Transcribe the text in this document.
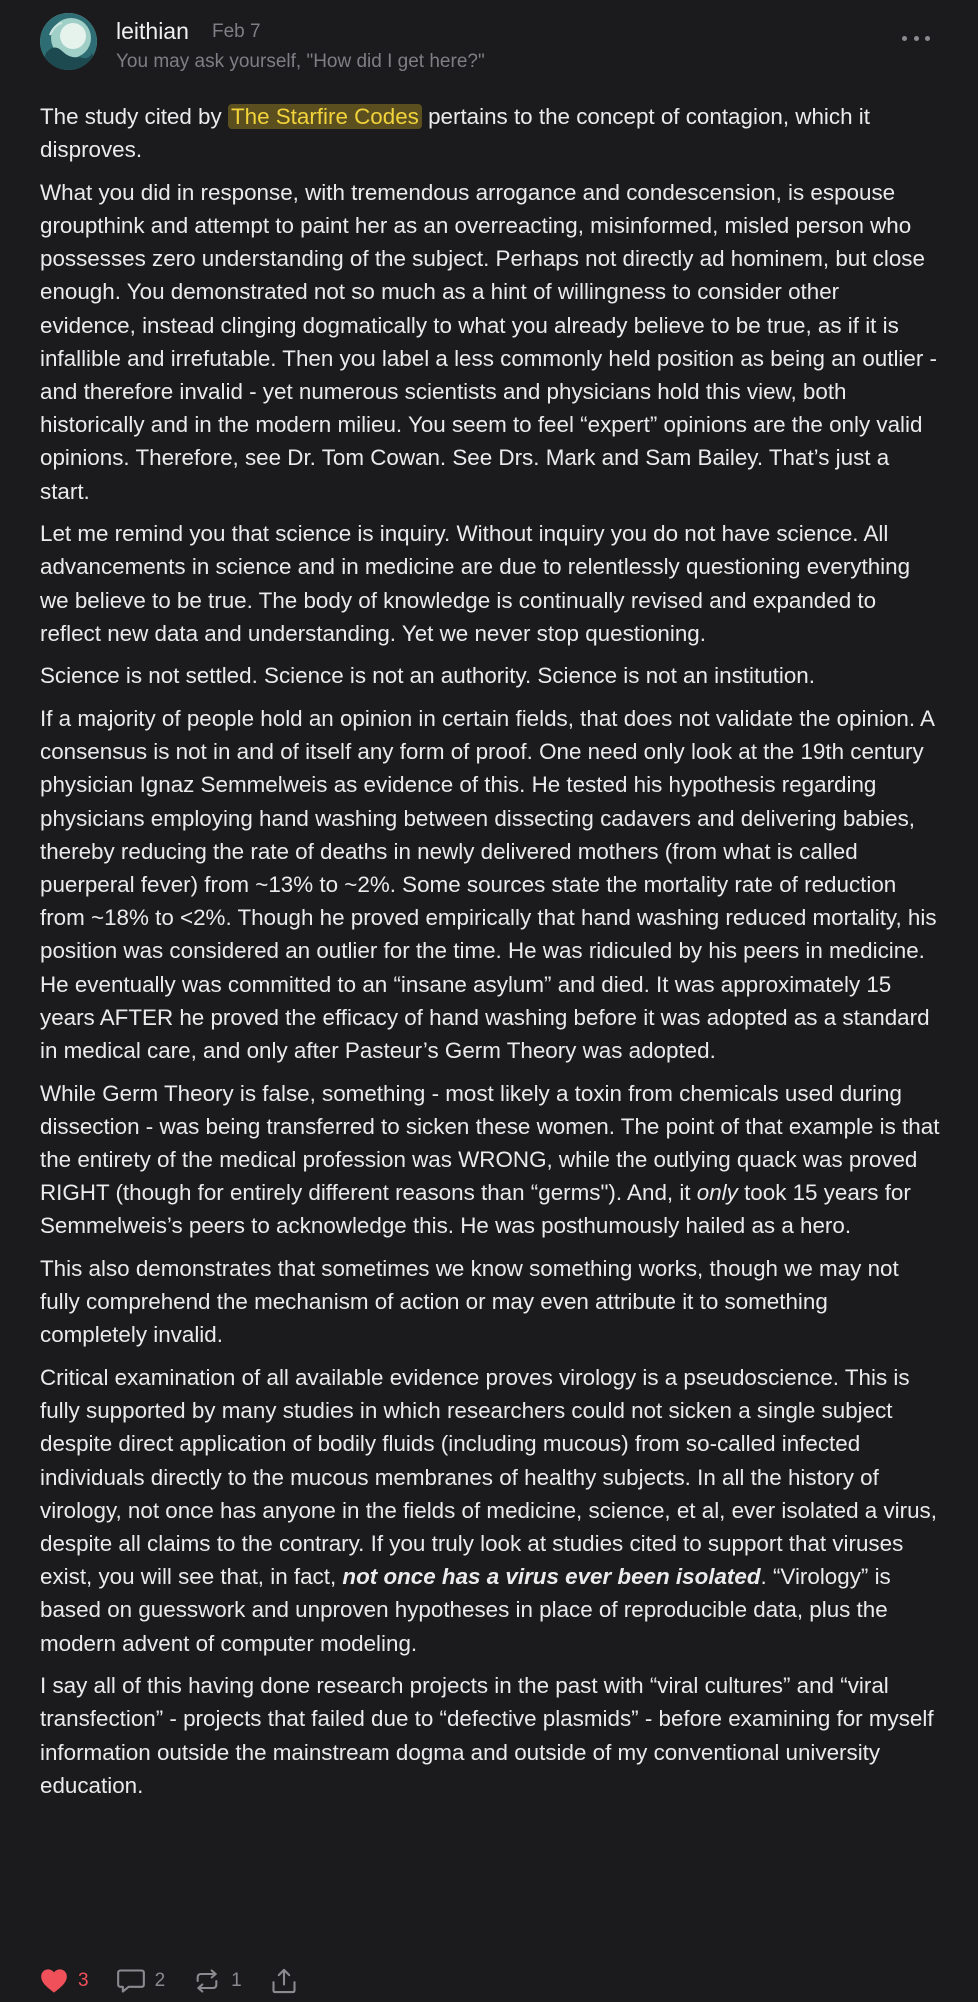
leithian Feb 7
You may ask yourself, "How did I get here?"

The study cited by The Starfire Codes pertains to the concept of contagion, which it disproves.

What you did in response, with tremendous arrogance and condescension, is espouse groupthink and attempt to paint her as an overreacting, misinformed, misled person who possesses zero understanding of the subject. Perhaps not directly ad hominem, but close enough. You demonstrated not so much as a hint of willingness to consider other evidence, instead clinging dogmatically to what you already believe to be true, as if it is infallible and irrefutable. Then you label a less commonly held position as being an outlier - and therefore invalid - yet numerous scientists and physicians hold this view, both historically and in the modern milieu. You seem to feel “expert” opinions are the only valid opinions. Therefore, see Dr. Tom Cowan. See Drs. Mark and Sam Bailey. That’s just a start.

Let me remind you that science is inquiry. Without inquiry you do not have science. All advancements in science and in medicine are due to relentlessly questioning everything we believe to be true. The body of knowledge is continually revised and expanded to reflect new data and understanding. Yet we never stop questioning.

Science is not settled. Science is not an authority. Science is not an institution.

If a majority of people hold an opinion in certain fields, that does not validate the opinion. A consensus is not in and of itself any form of proof. One need only look at the 19th century physician Ignaz Semmelweis as evidence of this. He tested his hypothesis regarding physicians employing hand washing between dissecting cadavers and delivering babies, thereby reducing the rate of deaths in newly delivered mothers (from what is called puerperal fever) from ~13% to ~2%. Some sources state the mortality rate of reduction from ~18% to <2%. Though he proved empirically that hand washing reduced mortality, his position was considered an outlier for the time. He was ridiculed by his peers in medicine. He eventually was committed to an “insane asylum” and died. It was approximately 15 years AFTER he proved the efficacy of hand washing before it was adopted as a standard in medical care, and only after Pasteur’s Germ Theory was adopted.

While Germ Theory is false, something - most likely a toxin from chemicals used during dissection - was being transferred to sicken these women. The point of that example is that the entirety of the medical profession was WRONG, while the outlying quack was proved RIGHT (though for entirely different reasons than “germs"). And, it only took 15 years for Semmelweis’s peers to acknowledge this. He was posthumously hailed as a hero.

This also demonstrates that sometimes we know something works, though we may not fully comprehend the mechanism of action or may even attribute it to something completely invalid.

Critical examination of all available evidence proves virology is a pseudoscience. This is fully supported by many studies in which researchers could not sicken a single subject despite direct application of bodily fluids (including mucous) from so-called infected individuals directly to the mucous membranes of healthy subjects. In all the history of virology, not once has anyone in the fields of medicine, science, et al, ever isolated a virus, despite all claims to the contrary. If you truly look at studies cited to support that viruses exist, you will see that, in fact, not once has a virus ever been isolated. “Virology” is based on guesswork and unproven hypotheses in place of reproducible data, plus the modern advent of computer modeling.

I say all of this having done research projects in the past with “viral cultures” and “viral transfection” - projects that failed due to “defective plasmids” - before examining for myself information outside the mainstream dogma and outside of my conventional university education.

3	2	1
